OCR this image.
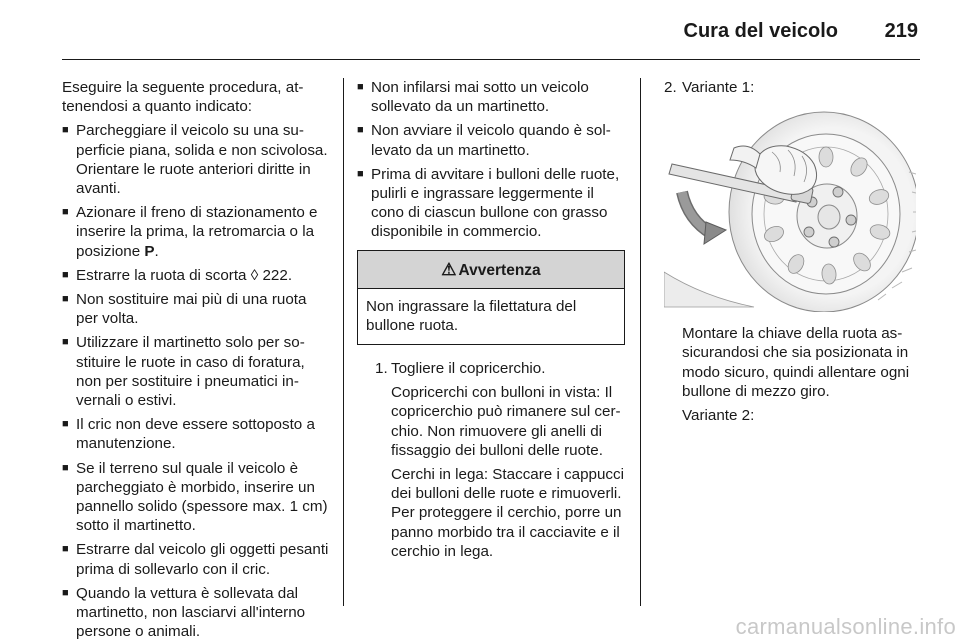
Cura del veicolo 219

Eseguire la seguente procedura, attenendosi a quanto indicato:

■ Parcheggiare il veicolo su una superficie piana, solida e non scivolosa. Orientare le ruote anteriori diritte in avanti.
■ Azionare il freno di stazionamento e inserire la prima, la retromarcia o la posizione P.
■ Estrarre la ruota di scorta ◊ 222.
■ Non sostituire mai più di una ruota per volta.
■ Utilizzare il martinetto solo per sostituire le ruote in caso di foratura, non per sostituire i pneumatici invernali o estivi.
■ Il cric non deve essere sottoposto a manutenzione.
■ Se il terreno sul quale il veicolo è parcheggiato è morbido, inserire un pannello solido (spessore max. 1 cm) sotto il martinetto.
■ Estrarre dal veicolo gli oggetti pesanti prima di sollevarlo con il cric.
■ Quando la vettura è sollevata dal martinetto, non lasciarvi all'interno persone o animali.
■ Non infilarsi mai sotto un veicolo sollevato da un martinetto.
■ Non avviare il veicolo quando è sollevato da un martinetto.
■ Prima di avvitare i bulloni delle ruote, pulirli e ingrassare leggermente il cono di ciascun bullone con grasso disponibile in commercio.
⚠ Avvertenza
Non ingrassare la filettatura del bullone ruota.
1. Togliere il copricerchio.

Copricerchi con bulloni in vista: Il copricerchio può rimanere sul cerchio. Non rimuovere gli anelli di fissaggio dei bulloni delle ruote.

Cerchi in lega: Staccare i cappucci dei bulloni delle ruote e rimuoverli. Per proteggere il cerchio, porre un panno morbido tra il cacciavite e il cerchio in lega.

2. Variante 1:

Montare la chiave della ruota assicurandosi che sia posizionata in modo sicuro, quindi allentare ogni bullone di mezzo giro.

Variante 2:

carmanualsonline.info
